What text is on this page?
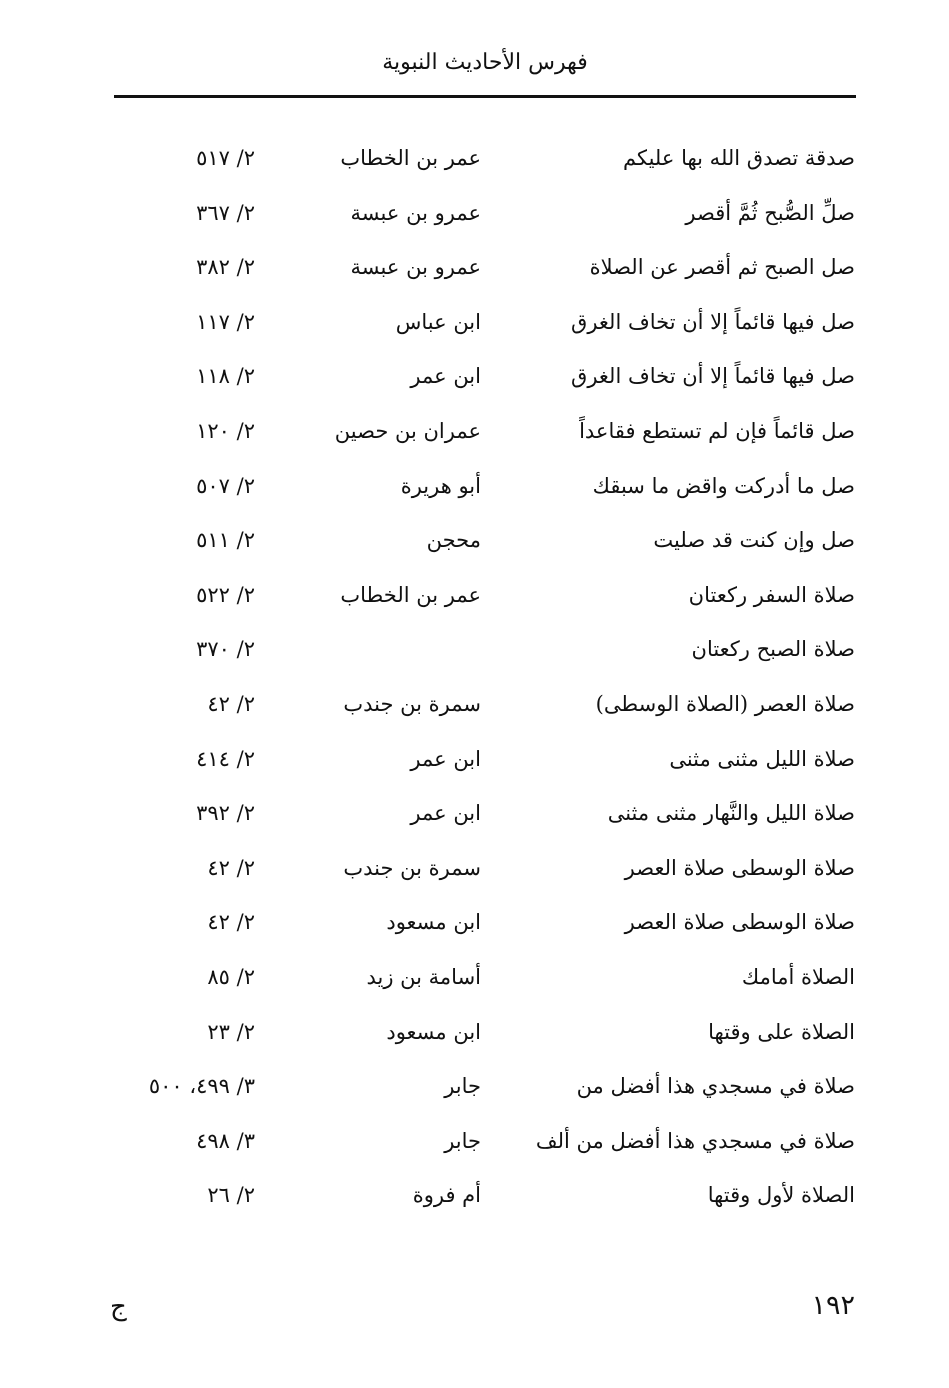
فهرس الأحاديث النبوية
صدقة تصدق الله بها عليكم
عمر بن الخطاب
٢/ ٥١٧
صلِّ الصُّبح ثُمَّ أقصر
عمرو بن عبسة
٢/ ٣٦٧
صل الصبح ثم أقصر عن الصلاة
عمرو بن عبسة
٢/ ٣٨٢
صل فيها قائماً إلا أن تخاف الغرق
ابن عباس
٢/ ١١٧
صل فيها قائماً إلا أن تخاف الغرق
ابن عمر
٢/ ١١٨
صل قائماً فإن لم تستطع فقاعداً
عمران بن حصين
٢/ ١٢٠
صل ما أدركت واقض ما سبقك
أبو هريرة
٢/ ٥٠٧
صل وإن كنت قد صليت
محجن
٢/ ٥١١
صلاة السفر ركعتان
عمر بن الخطاب
٢/ ٥٢٢
صلاة الصبح ركعتان
٢/ ٣٧٠
صلاة العصر (الصلاة الوسطى)
سمرة بن جندب
٢/ ٤٢
صلاة الليل مثنى مثنى
ابن عمر
٢/ ٤١٤
صلاة الليل والنَّهار مثنى مثنى
ابن عمر
٢/ ٣٩٢
صلاة الوسطى صلاة العصر
سمرة بن جندب
٢/ ٤٢
صلاة الوسطى صلاة العصر
ابن مسعود
٢/ ٤٢
الصلاة أمامك
أسامة بن زيد
٢/ ٨٥
الصلاة على وقتها
ابن مسعود
٢/ ٢٣
صلاة في مسجدي هذا أفضل من
جابر
٣/ ٤٩٩، ٥٠٠
صلاة في مسجدي هذا أفضل من ألف
جابر
٣/ ٤٩٨
الصلاة لأول وقتها
أم فروة
٢/ ٢٦
١٩٢
ج
